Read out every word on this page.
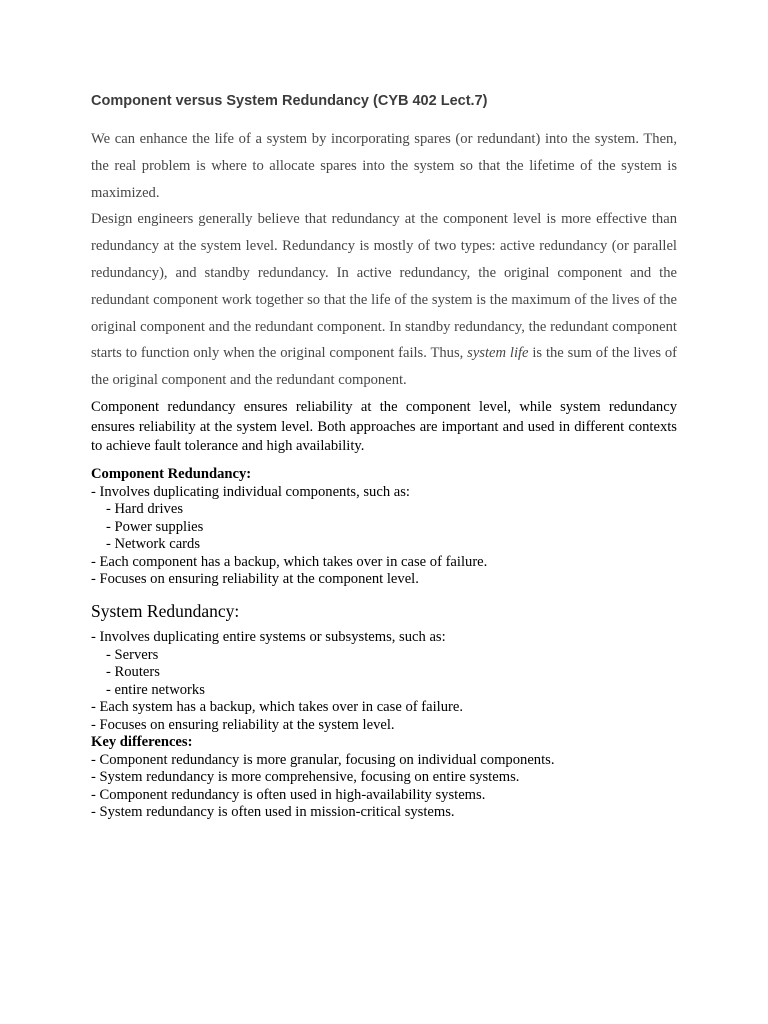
Component versus System Redundancy (CYB 402 Lect.7)

We can enhance the life of a system by incorporating spares (or redundant) into the system. Then, the real problem is where to allocate spares into the system so that the lifetime of the system is maximized.

Design engineers generally believe that redundancy at the component level is more effective than redundancy at the system level. Redundancy is mostly of two types: active redundancy (or parallel redundancy), and standby redundancy. In active redundancy, the original component and the redundant component work together so that the life of the system is the maximum of the lives of the original component and the redundant component. In standby redundancy, the redundant component starts to function only when the original component fails. Thus, system life is the sum of the lives of the original component and the redundant component.

Component redundancy ensures reliability at the component level, while system redundancy ensures reliability at the system level. Both approaches are important and used in different contexts to achieve fault tolerance and high availability.

Component Redundancy:
- Involves duplicating individual components, such as:
- Hard drives
- Power supplies
- Network cards
- Each component has a backup, which takes over in case of failure.
- Focuses on ensuring reliability at the component level.
System Redundancy:
- Involves duplicating entire systems or subsystems, such as:
- Servers
- Routers
- entire networks
- Each system has a backup, which takes over in case of failure.
- Focuses on ensuring reliability at the system level.
Key differences:
- Component redundancy is more granular, focusing on individual components.
- System redundancy is more comprehensive, focusing on entire systems.
- Component redundancy is often used in high-availability systems.
- System redundancy is often used in mission-critical systems.
